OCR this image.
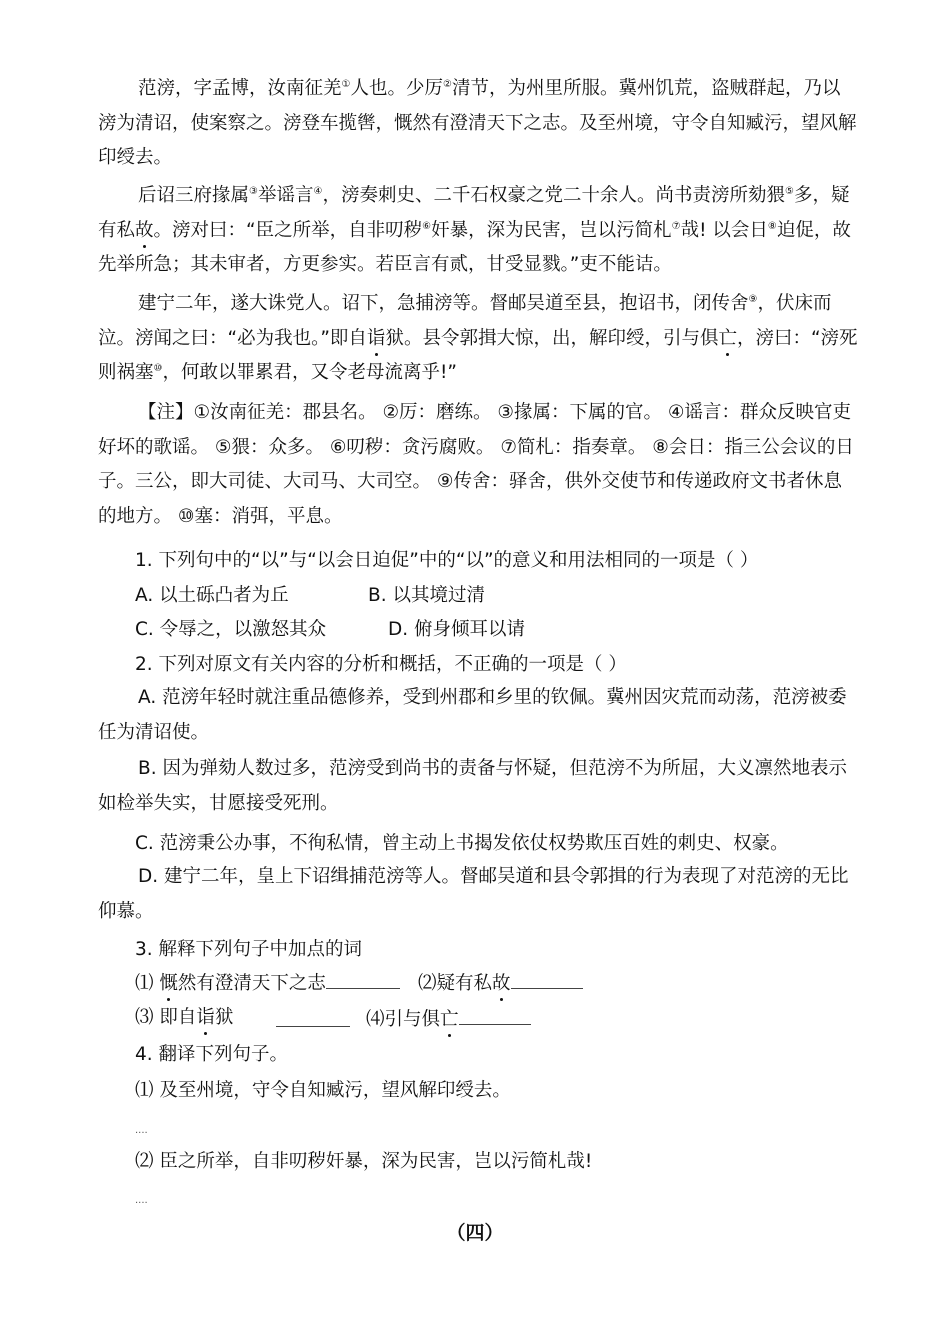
范滂，字孟博，汝南征羌①人也。少厉②清节，为州里所服。冀州饥荒，盗贼群起，乃以滂为清诏，使案察之。滂登车揽辔，慨然有澄清天下之志。及至州境，守令自知臧污，望风解印绶去。

后诏三府掾属③举谣言④，滂奏刺史、二千石权豪之党二十余人。尚书责滂所劾猥⑤多，疑有私故。滂对曰：“臣之所举，自非叨秽⑥奸暴，深为民害，岂以污简札⑦哉! 以会日⑧迫促，故先举所急；其未审者，方更参实。若臣言有贰，甘受显戮。”吏不能诘。

建宁二年，遂大诛党人。诏下，急捕滂等。督邮吴道至县，抱诏书，闭传舍⑨，伏床而泣。滂闻之曰：“必为我也。”即自诣狱。县令郭揖大惊，出，解印绶，引与俱亡，滂曰：“滂死则祸塞⑩，何敢以罪累君，又令老母流离乎!”

【注】①汝南征羌：郡县名。 ②厉：磨练。 ③掾属：下属的官。 ④谣言：群众反映官吏好坏的歌谣。 ⑤猥：众多。 ⑥叨秽：贪污腐败。 ⑦简札：指奏章。 ⑧会日：指三公会议的日子。三公，即大司徒、大司马、大司空。 ⑨传舍：驿舍，供外交使节和传递政府文书者休息的地方。 ⑩塞：消弭，平息。

1. 下列句中的“以”与“以会日迫促”中的“以”的意义和用法相同的一项是（ ）
A. 以土砾凸者为丘	B. 以其境过清
C. 令辱之，以激怒其众	D. 俯身倾耳以请
2. 下列对原文有关内容的分析和概括，不正确的一项是（ ）

A. 范滂年轻时就注重品德修养，受到州郡和乡里的钦佩。冀州因灾荒而动荡，范滂被委任为清诏使。

B. 因为弹劾人数过多，范滂受到尚书的责备与怀疑，但范滂不为所屈，大义凛然地表示如检举失实，甘愿接受死刑。

C. 范滂秉公办事，不徇私情，曾主动上书揭发依仗权势欺压百姓的刺史、权豪。

D. 建宁二年，皇上下诏缉捕范滂等人。督邮吴道和县令郭揖的行为表现了对范滂的无比仰慕。

3. 解释下列句子中加点的词
⑴ 慨然有澄清天下之志	⑵疑有私故
⑶ 即自诣狱	⑷引与俱亡
4. 翻译下列句子。
⑴ 及至州境，守令自知臧污，望风解印绶去。
....
⑵ 臣之所举，自非叨秽奸暴，深为民害，岂以污简札哉!
....
（四）
